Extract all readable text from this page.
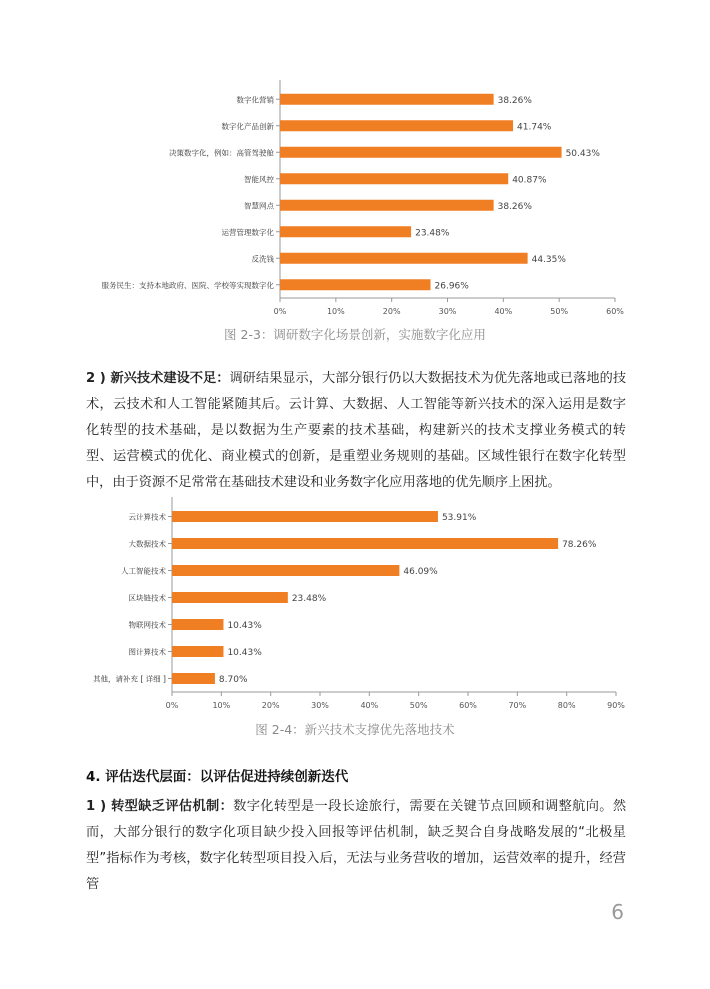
0%	10%	20%	30%	40%	50%	60%
数字化营销	38.26%
数字化产品创新	41.74%
决策数字化，例如：高管驾驶舱	50.43%
智能风控	40.87%
智慧网点	38.26%
运营管理数字化	23.48%
反洗钱	44.35%
服务民生：支持本地政府、医院、学校等实现数字化	26.96%
图 2-3：调研数字化场景创新，实施数字化应用
2 ) 新兴技术建设不足：调研结果显示，大部分银行仍以大数据技术为优先落地或已落地的技术，云技术和人工智能紧随其后。云计算、大数据、人工智能等新兴技术的深入运用是数字化转型的技术基础，是以数据为生产要素的技术基础，构建新兴的技术支撑业务模式的转型、运营模式的优化、商业模式的创新，是重塑业务规则的基础。区域性银行在数字化转型中，由于资源不足常常在基础技术建设和业务数字化应用落地的优先顺序上困扰。
0%	10%	20%	30%	40%	50%	60%	70%	80%	90%
云计算技术	53.91%
大数据技术	78.26%
人工智能技术	46.09%
区块链技术	23.48%
物联网技术	10.43%
图计算技术	10.43%
其他，请补充 [ 详细 ]	8.70%
图 2-4：新兴技术支撑优先落地技术
4. 评估迭代层面：以评估促进持续创新迭代
1 ) 转型缺乏评估机制：数字化转型是一段长途旅行，需要在关键节点回顾和调整航向。然而，大部分银行的数字化项目缺少投入回报等评估机制，缺乏契合自身战略发展的“北极星型”指标作为考核，数字化转型项目投入后，无法与业务营收的增加，运营效率的提升，经营管
6
